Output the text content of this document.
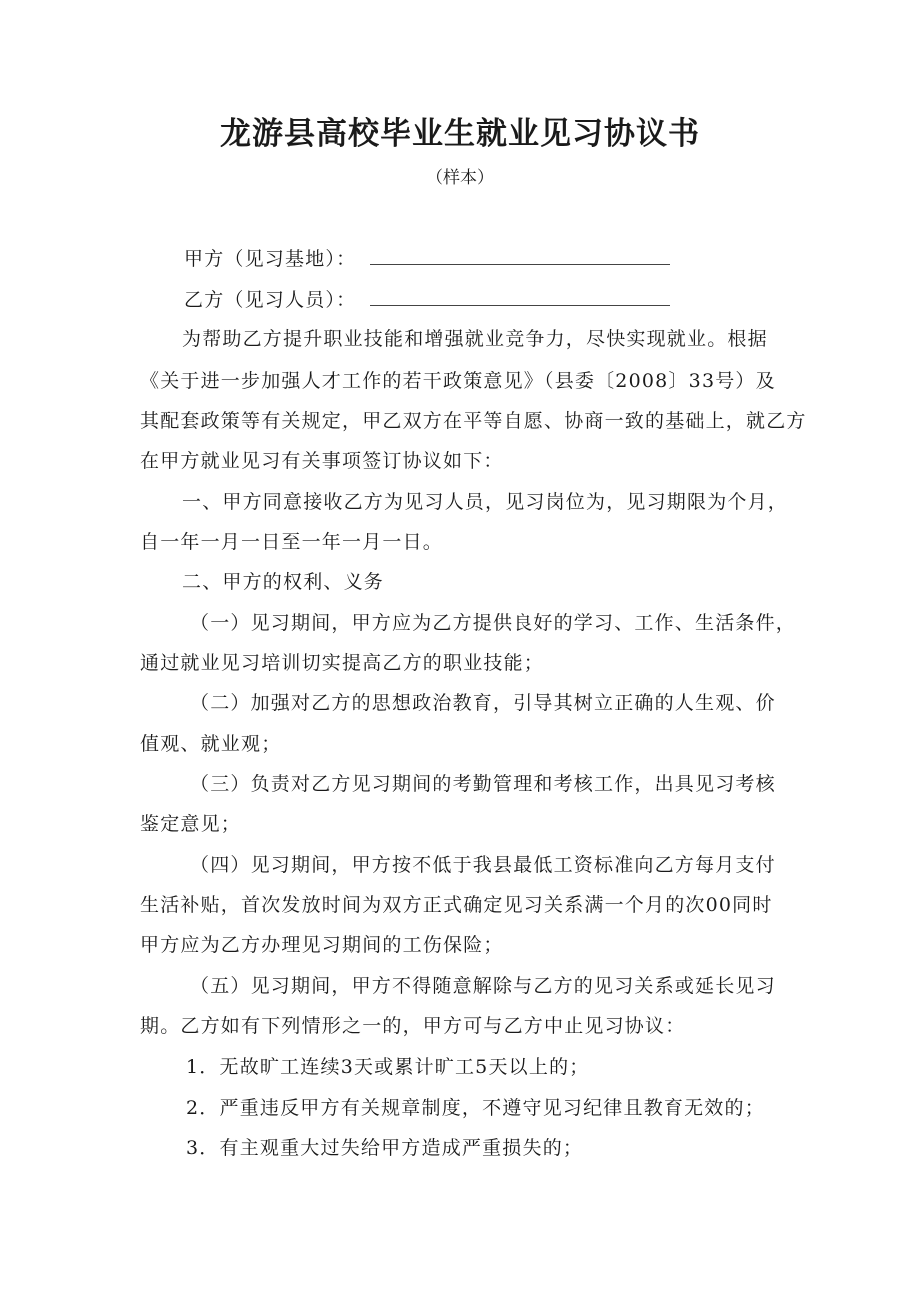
龙游县高校毕业生就业见习协议书
（样本）
甲方（见习基地）：
乙方（见习人员）：
为帮助乙方提升职业技能和增强就业竞争力，尽快实现就业。根据
《关于进一步加强人才工作的若干政策意见》（县委〔2008〕33号）及
其配套政策等有关规定，甲乙双方在平等自愿、协商一致的基础上，就乙方
在甲方就业见习有关事项签订协议如下：
一、甲方同意接收乙方为见习人员，见习岗位为，见习期限为个月，
自一年一月一日至一年一月一日。
二、甲方的权利、义务
（一）见习期间，甲方应为乙方提供良好的学习、工作、生活条件，
通过就业见习培训切实提高乙方的职业技能；
（二）加强对乙方的思想政治教育，引导其树立正确的人生观、价
值观、就业观；
（三）负责对乙方见习期间的考勤管理和考核工作，出具见习考核
鉴定意见；
（四）见习期间，甲方按不低于我县最低工资标准向乙方每月支付
生活补贴，首次发放时间为双方正式确定见习关系满一个月的次00同时
甲方应为乙方办理见习期间的工伤保险；
（五）见习期间，甲方不得随意解除与乙方的见习关系或延长见习
期。乙方如有下列情形之一的，甲方可与乙方中止见习协议：
1．无故旷工连续3天或累计旷工5天以上的；
2．严重违反甲方有关规章制度，不遵守见习纪律且教育无效的；
3．有主观重大过失给甲方造成严重损失的；
